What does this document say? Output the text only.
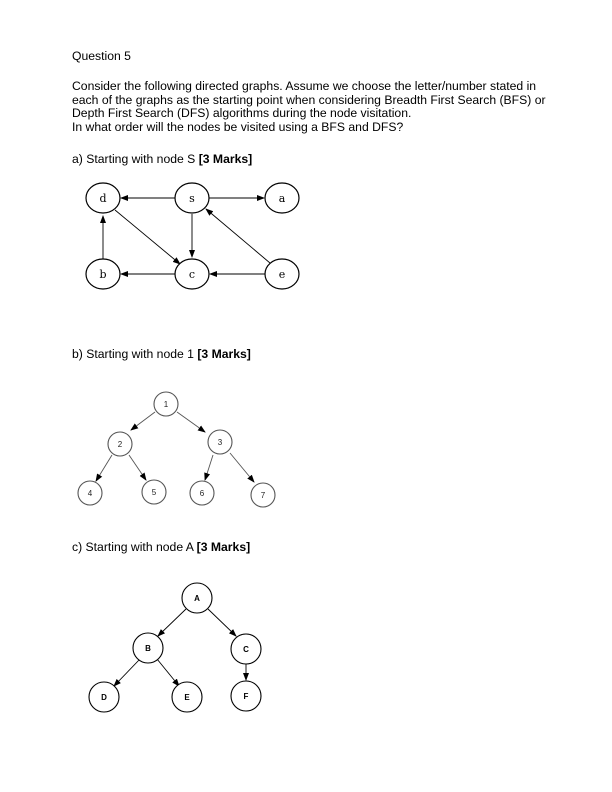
Question 5
Consider the following directed graphs. Assume we choose the letter/number stated in
each of the graphs as the starting point when considering Breadth First Search (BFS) or
Depth First Search (DFS) algorithms during the node visitation.
In what order will the nodes be visited using a BFS and DFS?
a) Starting with node S [3 Marks]
d	s	a
b	c	e
b) Starting with node 1 [3 Marks]
1
2	3
4	5	6	7
c) Starting with node A [3 Marks]
A
B	C
D	E	F
